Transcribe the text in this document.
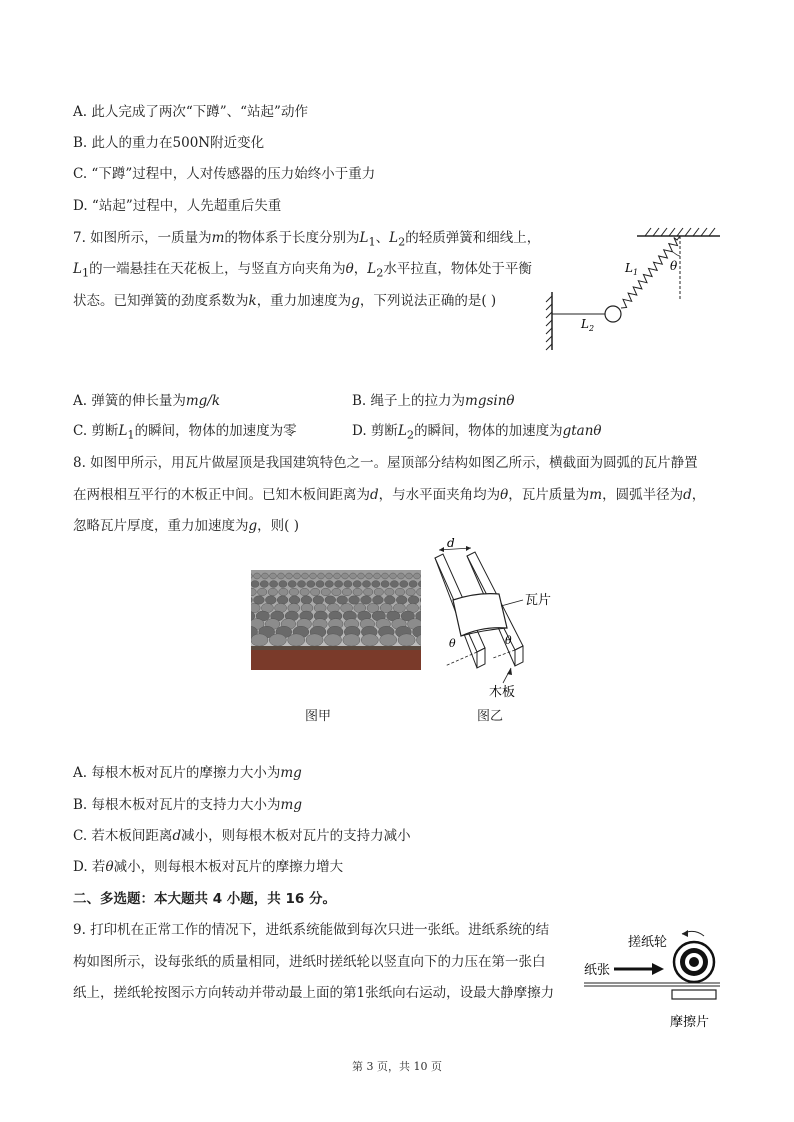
A. 此人完成了两次“下蹲”、“站起”动作
B. 此人的重力在500N附近变化
C. “下蹲”过程中，人对传感器的压力始终小于重力
D. “站起”过程中，人先超重后失重
7. 如图所示，一质量为m的物体系于长度分别为$L_1$、$L_2$的轻质弹簧和细线上，
$L_1$的一端悬挂在天花板上，与竖直方向夹角为θ，$L_2$水平拉直，物体处于平衡
状态。已知弹簧的劲度系数为k，重力加速度为g，下列说法正确的是( )
$L_1$	θ
$L_2$
A. 弹簧的伸长量为mg/k	B. 绳子上的拉力为mgsinθ
C. 剪断$L_1$的瞬间，物体的加速度为零	D. 剪断$L_2$的瞬间，物体的加速度为gtanθ
8. 如图甲所示，用瓦片做屋顶是我国建筑特色之一。屋顶部分结构如图乙所示，横截面为圆弧的瓦片静置
在两根相互平行的木板正中间。已知木板间距离为d，与水平面夹角均为θ，瓦片质量为m，圆弧半径为d，
忽略瓦片厚度，重力加速度为g，则( )
图甲
d
θ	θ
瓦片
木板
图乙
A. 每根木板对瓦片的摩擦力大小为mg
B. 每根木板对瓦片的支持力大小为mg
C. 若木板间距离d减小，则每根木板对瓦片的支持力减小
D. 若θ减小，则每根木板对瓦片的摩擦力增大
二、多选题：本大题共 4 小题，共 16 分。
9. 打印机在正常工作的情况下，进纸系统能做到每次只进一张纸。进纸系统的结
构如图所示，设每张纸的质量相同，进纸时搓纸轮以竖直向下的力压在第一张白
纸上，搓纸轮按图示方向转动并带动最上面的第1张纸向右运动，设最大静摩擦力
搓纸轮
纸张
摩擦片
第 3 页，共 10 页
